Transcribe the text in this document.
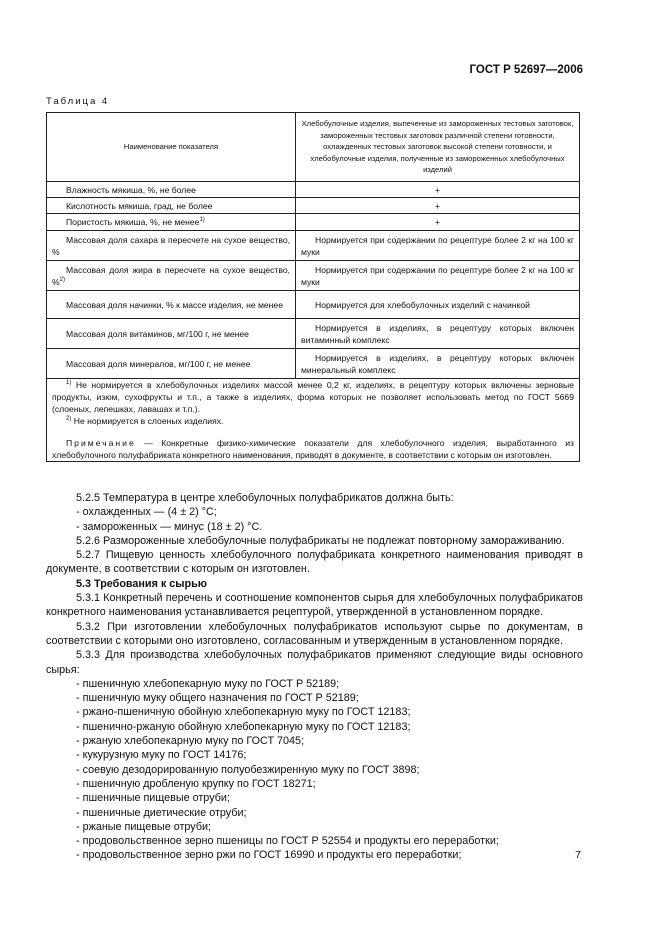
ГОСТ Р 52697—2006
Таблица 4
Наименование показателя	Хлебобулочные изделия, выпеченные из замороженных тестовых заготовок, замороженных тестовых заготовок различной степени готовности, охлажденных тестовых заготовок высокой степени готовности, и хлебобулочные изделия, полученные из замороженных хлебобулочных изделий
Влажность мякиша, %, не более	+
Кислотность мякиша, град, не более	+
Пористость мякиша, %, не менее$^{1)}$	+
Массовая доля сахара в пересчете на сухое вещество, %	Нормируется при содержании по рецептуре более 2 кг на 100 кг муки
Массовая доля жира в пересчете на сухое вещество, %$^{2)}$	Нормируется при содержании по рецептуре более 2 кг на 100 кг муки
Массовая доля начинки, % к массе изделия, не менее	Нормируется для хлебобулочных изделий с начинкой
Массовая доля витаминов, мг/100 г, не менее	Нормируется в изделиях, в рецептуру которых включен витаминный комплекс
Массовая доля минералов, мг/100 г, не менее	Нормируется в изделиях, в рецептуру которых включен минеральный комплекс

$^{1)}$ Не нормируется в хлебобулочных изделиях массой менее 0,2 кг, изделиях, в рецептуру которых включены зерновые продукты, изюм, сухофрукты и т.п., а также в изделиях, форма которых не позволяет использовать метод по ГОСТ 5669 (слоеных, лепешках, лавашах и т.п.).
$^{2)}$ Не нормируется в слоеных изделиях.
Примечание — Конкретные физико-химические показатели для хлебобулочного изделия, выработанного из хлебобулочного полуфабриката конкретного наименования, приводят в документе, в соответствии с которым он изготовлен.	

5.2.5 Температура в центре хлебобулочных полуфабрикатов должна быть:

- охлажденных — (4 ± 2) °С;

- замороженных — минус (18 ± 2) °С.

5.2.6 Размороженные хлебобулочные полуфабрикаты не подлежат повторному замораживанию.

5.2.7 Пищевую ценность хлебобулочного полуфабриката конкретного наименования приводят в документе, в соответствии с которым он изготовлен.

5.3 Требования к сырью

5.3.1 Конкретный перечень и соотношение компонентов сырья для хлебобулочных полуфабрикатов конкретного наименования устанавливается рецептурой, утвержденной в установленном порядке.

5.3.2 При изготовлении хлебобулочных полуфабрикатов используют сырье по документам, в соответствии с которыми оно изготовлено, согласованным и утвержденным в установленном порядке.

5.3.3 Для производства хлебобулочных полуфабрикатов применяют следующие виды основного сырья:

- пшеничную хлебопекарную муку по ГОСТ Р 52189;

- пшеничную муку общего назначения по ГОСТ Р 52189;

- ржано-пшеничную обойную хлебопекарную муку по ГОСТ 12183;

- пшенично-ржаную обойную хлебопекарную муку по ГОСТ 12183;

- ржаную хлебопекарную муку по ГОСТ 7045;

- кукурузную муку по ГОСТ 14176;

- соевую дезодорированную полуобезжиренную муку по ГОСТ 3898;

- пшеничную дробленую крупку по ГОСТ 18271;

- пшеничные пищевые отруби;

- пшеничные диетические отруби;

- ржаные пищевые отруби;

- продовольственное зерно пшеницы по ГОСТ Р 52554 и продукты его переработки;

- продовольственное зерно ржи по ГОСТ 16990 и продукты его переработки;	7
